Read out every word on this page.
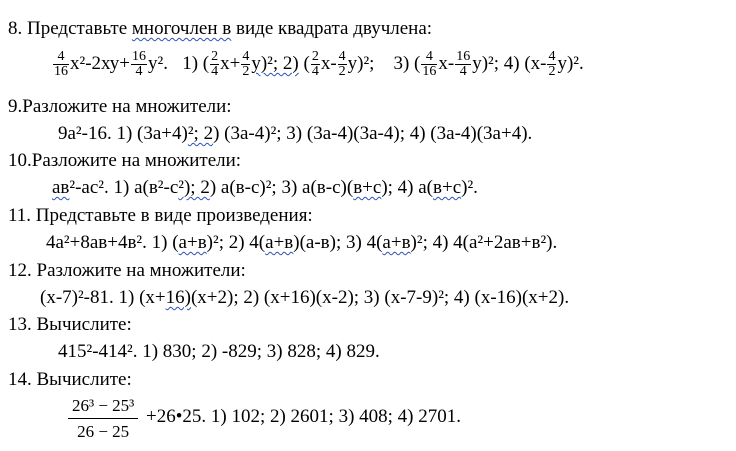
8. Представьте многочлен в виде квадрата двучлена:
$\frac{4}{16} х^2-2ху+ \frac{16}{4} у^2$. 1) ( $\frac{2}{4} х+ \frac{4}{2} у)^2$; 2) ( $\frac{2}{4} х- \frac{4}{2} у)^2$; 3) ( $\frac{4}{16} х- \frac{16}{4} у)^2$; 4) $(х- \frac{4}{2} у)^2$.
9.Разложите на множители:
9а²-16. 1) (3а+4)²; 2) (3а-4)²; 3) (3а-4)(3а-4); 4) (3а-4)(3а+4).
10.Разложите на множители:
ав²-ас². 1) а(в²-с²); 2) а(в-с)²; 3) а(в-с)(в+с); 4) а(в+с)².
11. Представьте в виде произведения:
4а²+8ав+4в². 1) (а+в)²; 2) 4(а+в)(а-в); 3) 4(а+в)²; 4) 4(а²+2ав+в²).
12. Разложите на множители:
(х-7)²-81. 1) (х+16)(х+2); 2) (х+16)(х-2); 3) (х-7-9)²; 4) (х-16)(х+2).
13. Вычислите:
415²-414². 1) 830; 2) -829; 3) 828; 4) 829.
14. Вычислите:
$\frac{\text{26³ − 25³}}{26 - 25}$ +26•25. 1) 102; 2) 2601; 3) 408; 4) 2701.
